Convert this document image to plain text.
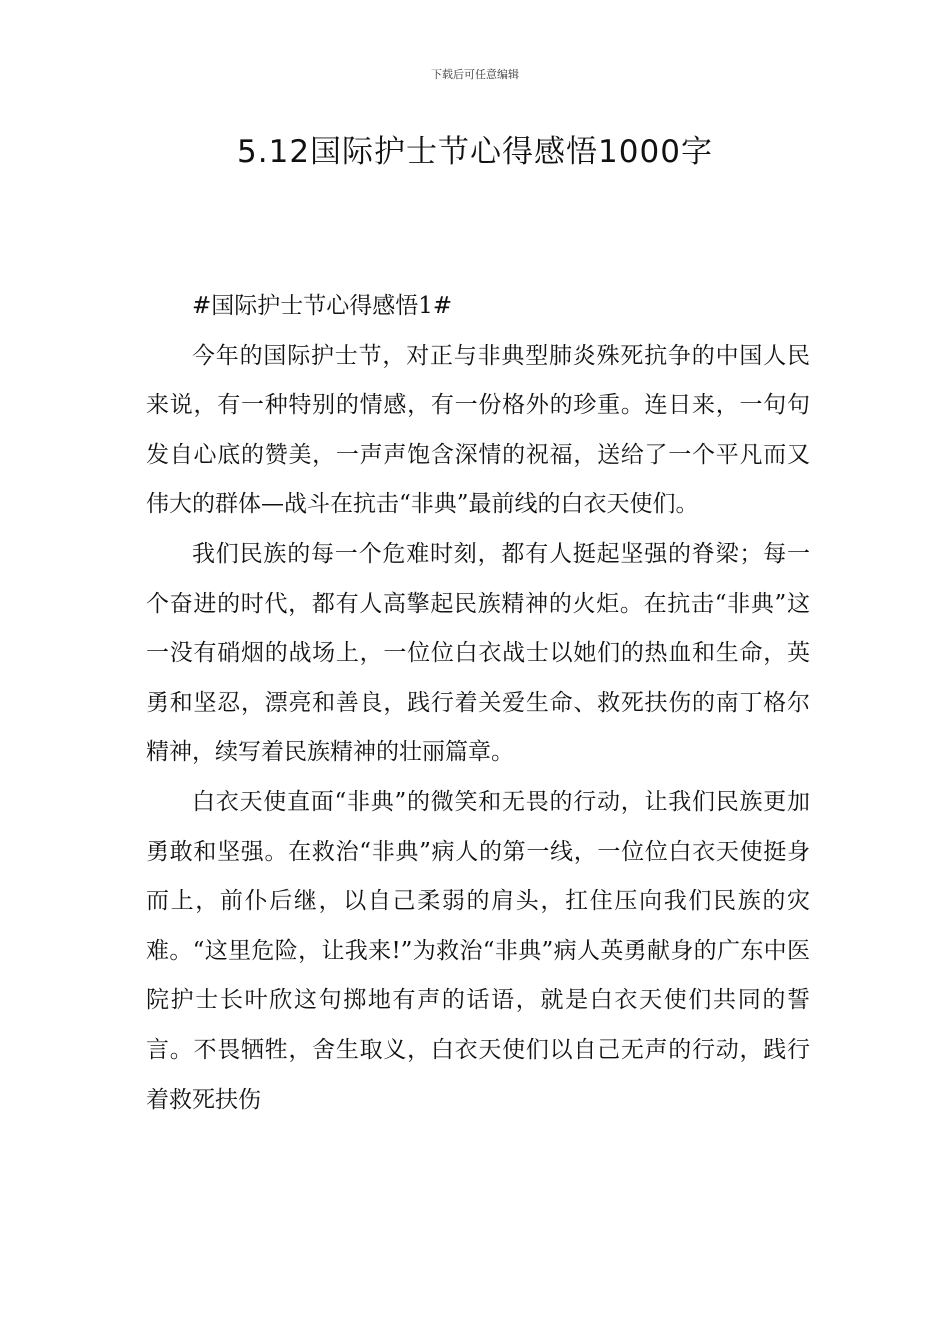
下载后可任意编辑
5.12国际护士节心得感悟1000字

#国际护士节心得感悟1#

今年的国际护士节，对正与非典型肺炎殊死抗争的中国人民来说，有一种特别的情感，有一份格外的珍重。连日来，一句句发自心底的赞美，一声声饱含深情的祝福，送给了一个平凡而又伟大的群体—战斗在抗击“非典”最前线的白衣天使们。

我们民族的每一个危难时刻，都有人挺起坚强的脊梁；每一个奋进的时代，都有人高擎起民族精神的火炬。在抗击“非典”这一没有硝烟的战场上，一位位白衣战士以她们的热血和生命，英勇和坚忍，漂亮和善良，践行着关爱生命、救死扶伤的南丁格尔精神，续写着民族精神的壮丽篇章。

白衣天使直面“非典”的微笑和无畏的行动，让我们民族更加勇敢和坚强。在救治“非典”病人的第一线，一位位白衣天使挺身而上，前仆后继，以自己柔弱的肩头，扛住压向我们民族的灾难。“这里危险，让我来!”为救治“非典”病人英勇献身的广东中医院护士长叶欣这句掷地有声的话语，就是白衣天使们共同的誓言。不畏牺牲，舍生取义，白衣天使们以自己无声的行动，践行着救死扶伤
